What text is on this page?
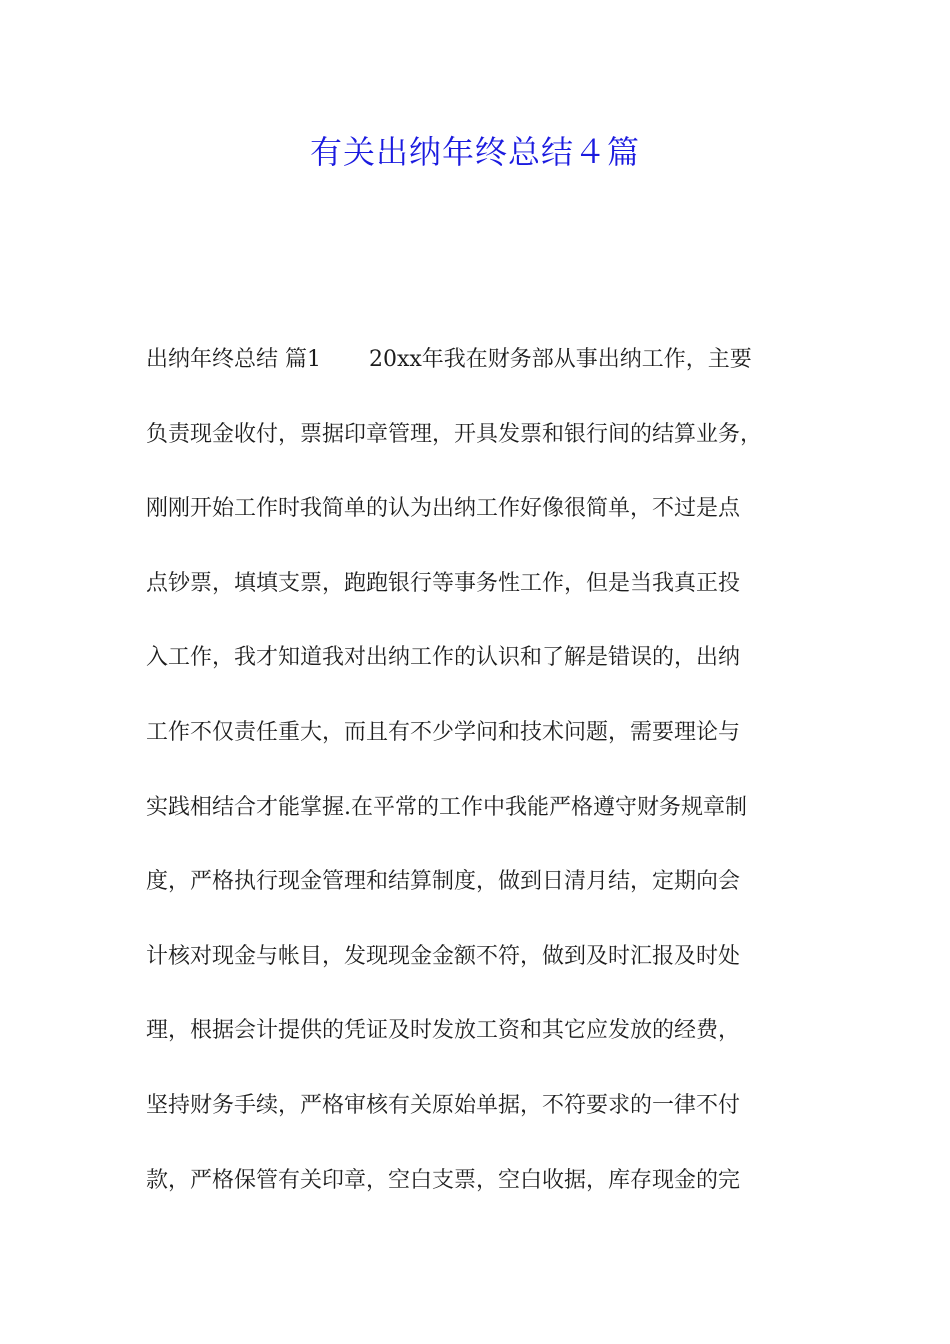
有关出纳年终总结４篇
出纳年终总结 篇1 20xx年我在财务部从事出纳工作，主要
负责现金收付，票据印章管理，开具发票和银行间的结算业务，
刚刚开始工作时我简单的认为出纳工作好像很简单，不过是点
点钞票，填填支票，跑跑银行等事务性工作，但是当我真正投
入工作，我才知道我对出纳工作的认识和了解是错误的，出纳
工作不仅责任重大，而且有不少学问和技术问题，需要理论与
实践相结合才能掌握.在平常的工作中我能严格遵守财务规章制
度，严格执行现金管理和结算制度，做到日清月结，定期向会
计核对现金与帐目，发现现金金额不符，做到及时汇报及时处
理，根据会计提供的凭证及时发放工资和其它应发放的经费，
坚持财务手续，严格审核有关原始单据，不符要求的一律不付
款，严格保管有关印章，空白支票，空白收据，库存现金的完
